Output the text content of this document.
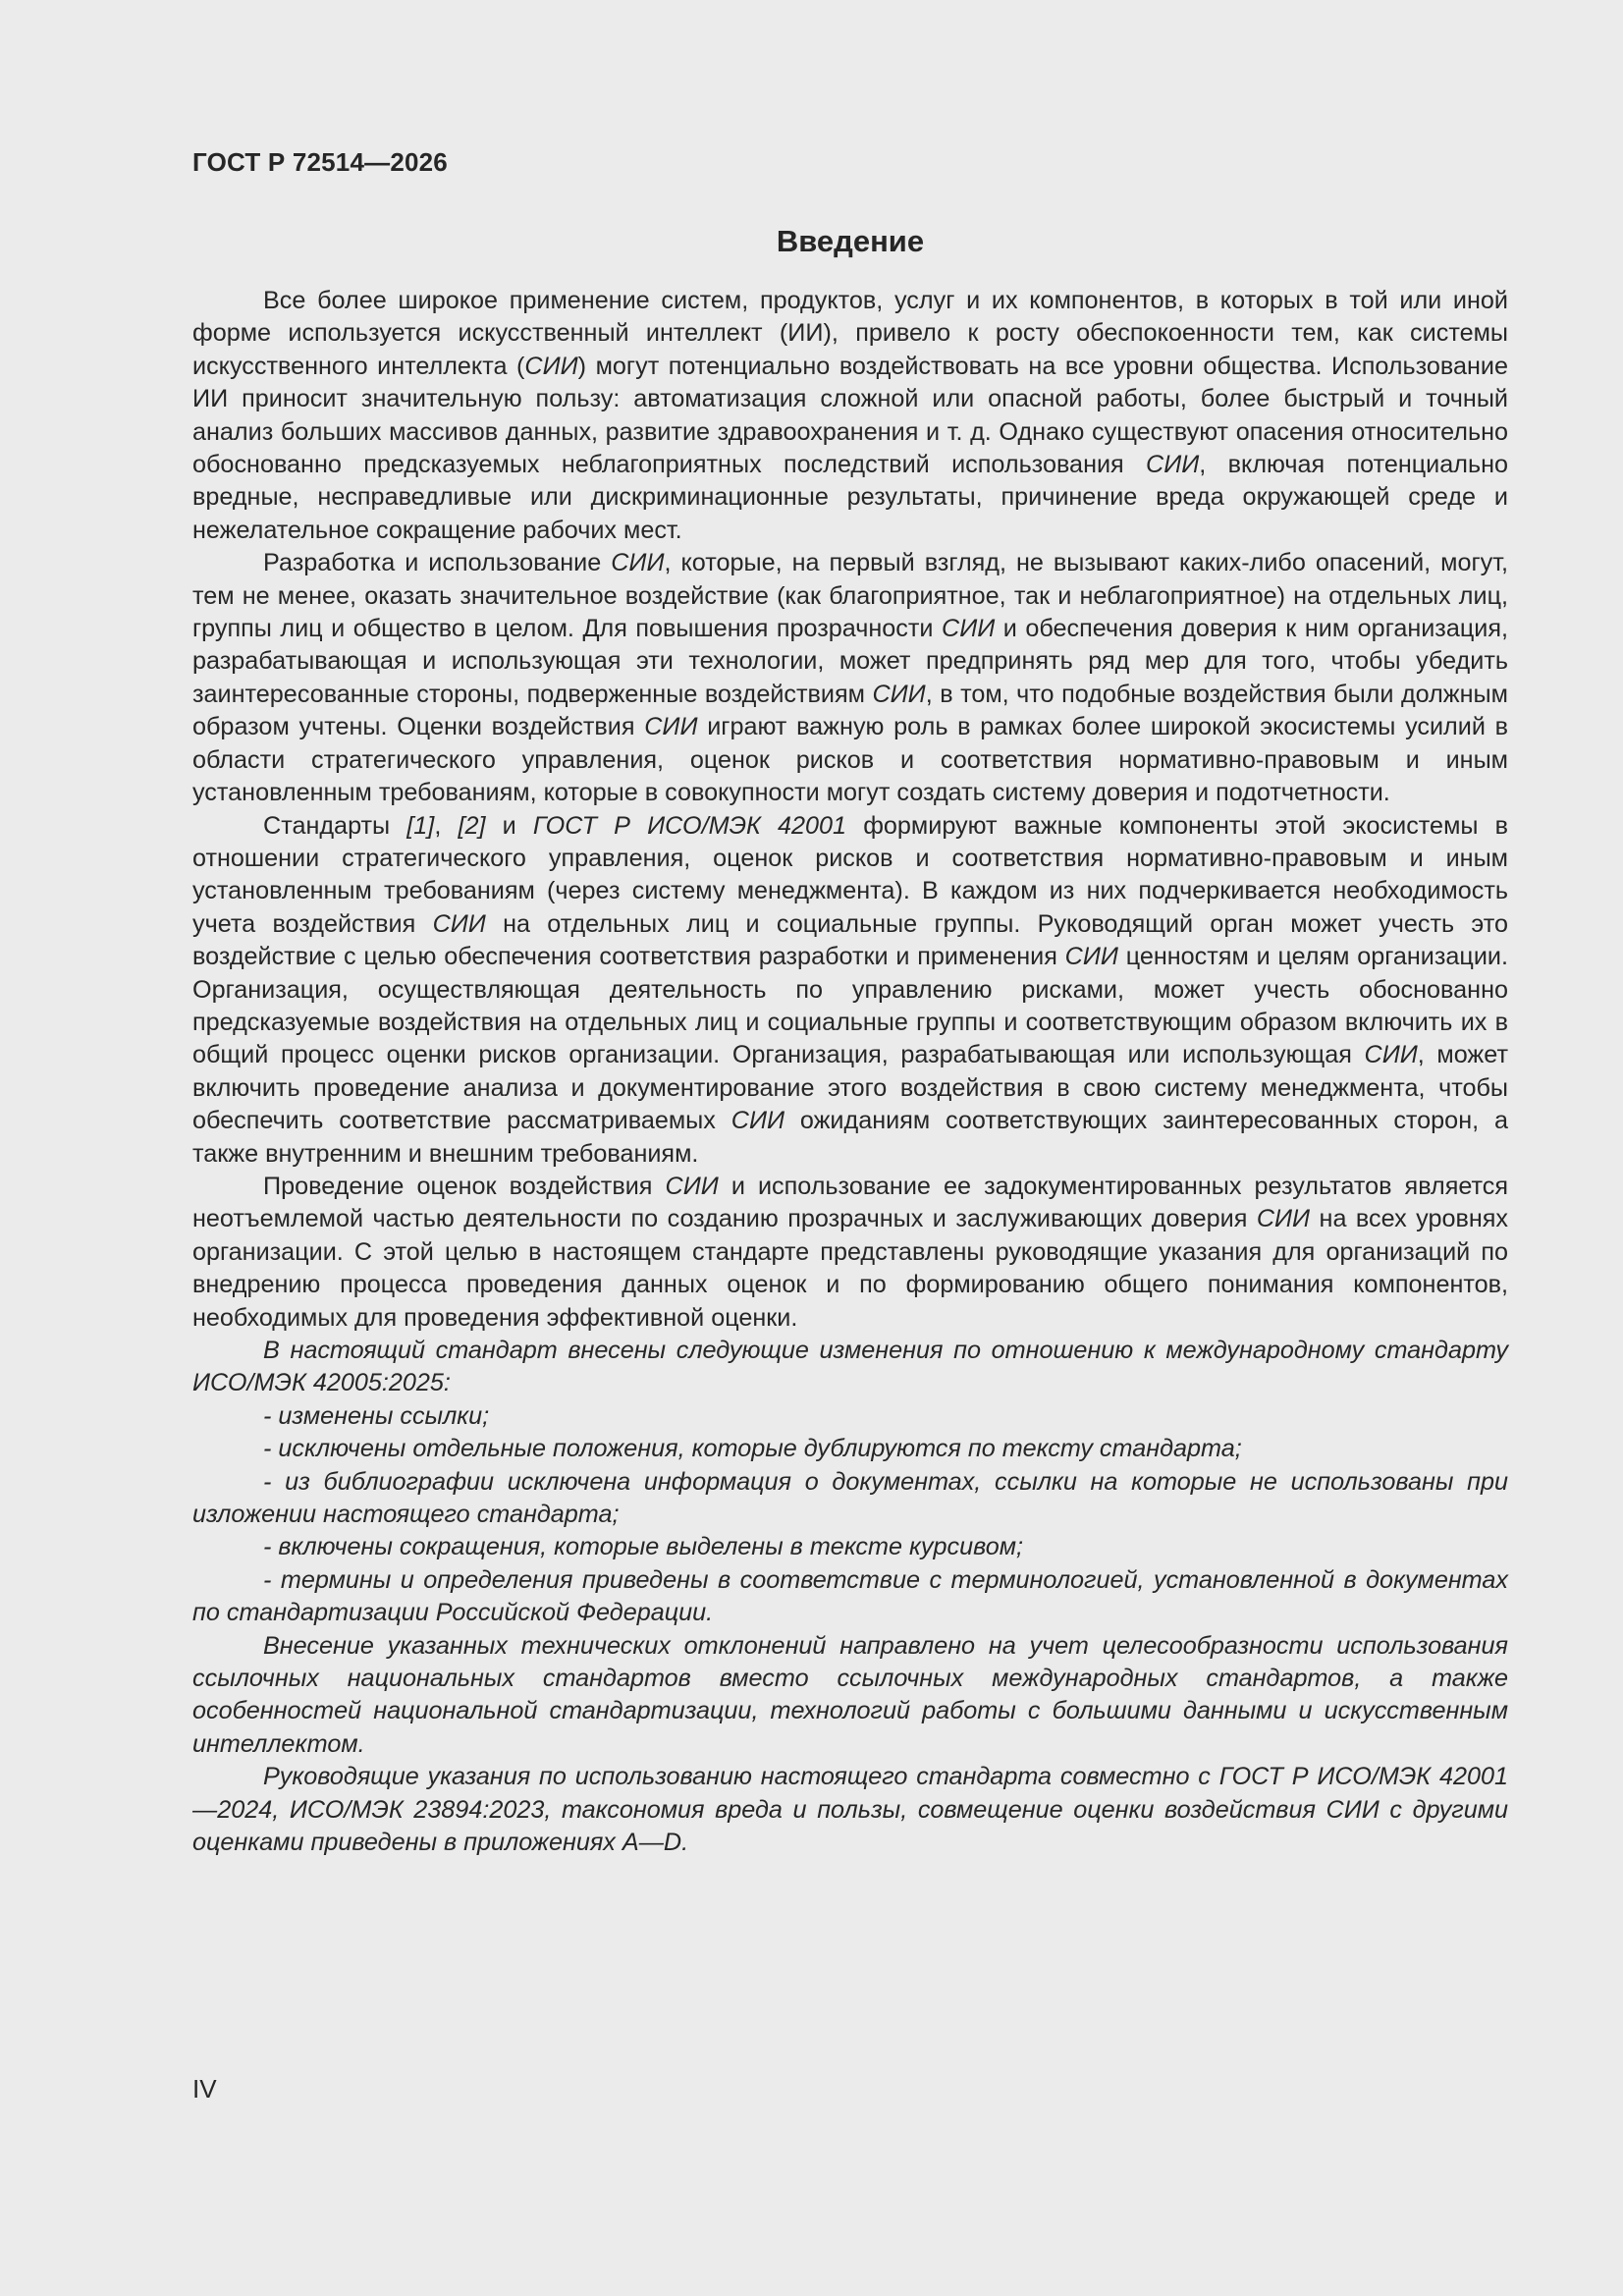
ГОСТ Р 72514—2026
Введение

Все более широкое применение систем, продуктов, услуг и их компонентов, в которых в той или иной форме используется искусственный интеллект (ИИ), привело к росту обеспокоенности тем, как системы искусственного интеллекта (СИИ) могут потенциально воздействовать на все уровни общества. Использование ИИ приносит значительную пользу: автоматизация сложной или опасной работы, более быстрый и точный анализ больших массивов данных, развитие здравоохранения и т. д. Однако существуют опасения относительно обоснованно предсказуемых неблагоприятных последствий использования СИИ, включая потенциально вредные, несправедливые или дискриминационные результаты, причинение вреда окружающей среде и нежелательное сокращение рабочих мест.

Разработка и использование СИИ, которые, на первый взгляд, не вызывают каких-либо опасений, могут, тем не менее, оказать значительное воздействие (как благоприятное, так и неблагоприятное) на отдельных лиц, группы лиц и общество в целом. Для повышения прозрачности СИИ и обеспечения доверия к ним организация, разрабатывающая и использующая эти технологии, может предпринять ряд мер для того, чтобы убедить заинтересованные стороны, подверженные воздействиям СИИ, в том, что подобные воздействия были должным образом учтены. Оценки воздействия СИИ играют важную роль в рамках более широкой экосистемы усилий в области стратегического управления, оценок рисков и соответствия нормативно-правовым и иным установленным требованиям, которые в совокупности могут создать систему доверия и подотчетности.

Стандарты [1], [2] и ГОСТ Р ИСО/МЭК 42001 формируют важные компоненты этой экосистемы в отношении стратегического управления, оценок рисков и соответствия нормативно-правовым и иным установленным требованиям (через систему менеджмента). В каждом из них подчеркивается необходимость учета воздействия СИИ на отдельных лиц и социальные группы. Руководящий орган может учесть это воздействие с целью обеспечения соответствия разработки и применения СИИ ценностям и целям организации. Организация, осуществляющая деятельность по управлению рисками, может учесть обоснованно предсказуемые воздействия на отдельных лиц и социальные группы и соответствующим образом включить их в общий процесс оценки рисков организации. Организация, разрабатывающая или использующая СИИ, может включить проведение анализа и документирование этого воздействия в свою систему менеджмента, чтобы обеспечить соответствие рассматриваемых СИИ ожиданиям соответствующих заинтересованных сторон, а также внутренним и внешним требованиям.

Проведение оценок воздействия СИИ и использование ее задокументированных результатов является неотъемлемой частью деятельности по созданию прозрачных и заслуживающих доверия СИИ на всех уровнях организации. С этой целью в настоящем стандарте представлены руководящие указания для организаций по внедрению процесса проведения данных оценок и по формированию общего понимания компонентов, необходимых для проведения эффективной оценки.

В настоящий стандарт внесены следующие изменения по отношению к международному стандарту ИСО/МЭК 42005:2025:

- изменены ссылки;

- исключены отдельные положения, которые дублируются по тексту стандарта;

- из библиографии исключена информация о документах, ссылки на которые не использованы при изложении настоящего стандарта;

- включены сокращения, которые выделены в тексте курсивом;

- термины и определения приведены в соответствие с терминологией, установленной в документах по стандартизации Российской Федерации.

Внесение указанных технических отклонений направлено на учет целесообразности использования ссылочных национальных стандартов вместо ссылочных международных стандартов, а также особенностей национальной стандартизации, технологий работы с большими данными и искусственным интеллектом.

Руководящие указания по использованию настоящего стандарта совместно с ГОСТ Р ИСО/МЭК 42001—2024, ИСО/МЭК 23894:2023, таксономия вреда и пользы, совмещение оценки воздействия СИИ с другими оценками приведены в приложениях A—D.

IV
